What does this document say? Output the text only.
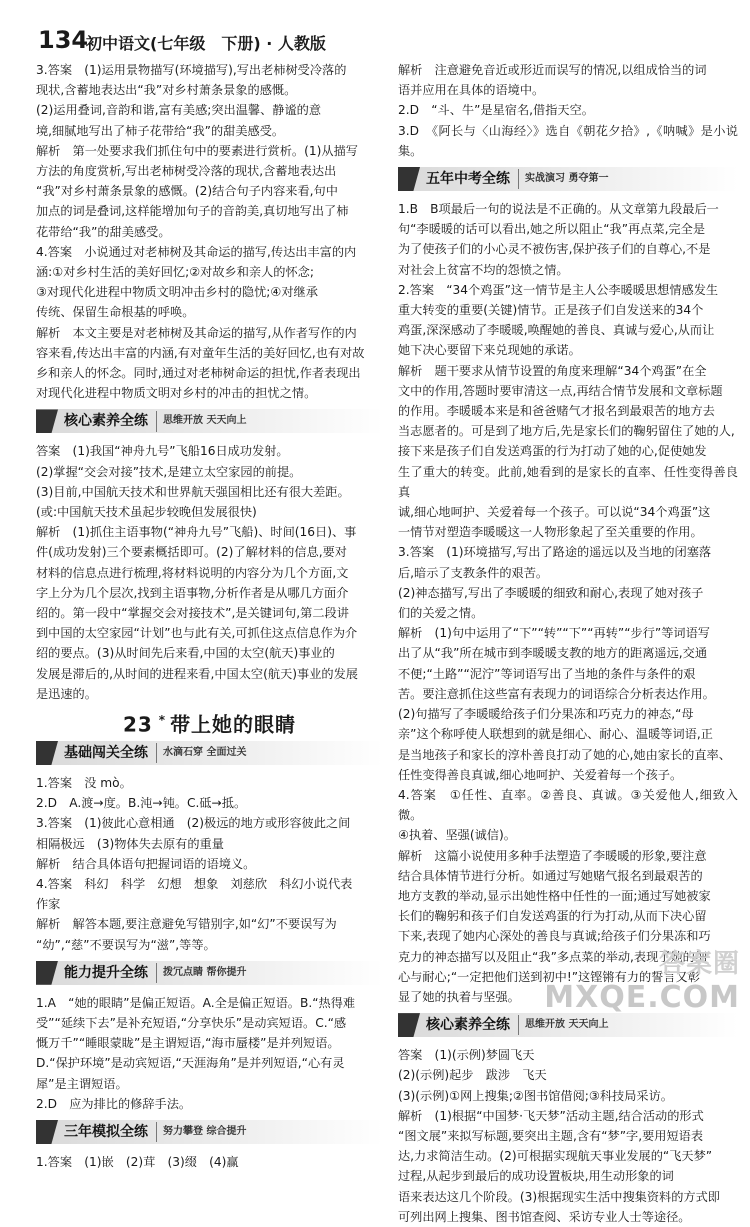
134
初中语文(七年级　下册) · 人教版

3.答案　(1)运用景物描写(环境描写),写出老柿树受冷落的

现状,含蓄地表达出“我”对乡村萧条景象的感慨。

(2)运用叠词,音韵和谐,富有美感;突出温馨、静谧的意

境,细腻地写出了柿子花带给“我”的甜美感受。

解析　第一处要求我们抓住句中的要素进行赏析。(1)从描写

方法的角度赏析,写出老柿树受冷落的现状,含蓄地表达出

“我”对乡村萧条景象的感慨。(2)结合句子内容来看,句中

加点的词是叠词,这样能增加句子的音韵美,真切地写出了柿

花带给“我”的甜美感受。

4.答案　小说通过对老柿树及其命运的描写,传达出丰富的内

涵:①对乡村生活的美好回忆;②对故乡和亲人的怀念;

③对现代化进程中物质文明冲击乡村的隐忧;④对继承

传统、保留生命根基的呼唤。

解析　本文主要是对老柿树及其命运的描写,从作者写作的内

容来看,传达出丰富的内涵,有对童年生活的美好回忆,也有对故

乡和亲人的怀念。同时,通过对老柿树命运的担忧,作者表现出

对现代化进程中物质文明对乡村的冲击的担忧之情。

核心素养全练	思维开放 天天向上

答案　(1)我国“神舟九号”飞船16日成功发射。

(2)掌握“交会对接”技术,是建立太空家园的前提。

(3)目前,中国航天技术和世界航天强国相比还有很大差距。

(或:中国航天技术虽起步较晚但发展很快)

解析　(1)抓住主语事物(“神舟九号”飞船)、时间(16日)、事

件(成功发射)三个要素概括即可。(2)了解材料的信息,要对

材料的信息点进行梳理,将材料说明的内容分为几个方面,文

字上分为几个层次,找到主语事物,分析作者是从哪几方面介

绍的。第一段中“掌握交会对接技术”,是关键词句,第二段讲

到中国的太空家园“计划”也与此有关,可抓住这点信息作为介

绍的要点。(3)从时间先后来看,中国的太空(航天)事业的

发展是滞后的,从时间的进程来看,中国太空(航天)事业的发展

是迅速的。

23 * 带上她的眼睛
基础闯关全练	水滴石穿 全面过关

1.答案　没 mò。

2.D　A.渡→度。B.沌→钝。C.砥→抵。

3.答案　(1)彼此心意相通　(2)极远的地方或形容彼此之间

相隔极远　(3)物体失去原有的重量

解析　结合具体语句把握词语的语境义。

4.答案　科幻　科学　幻想　想象　刘慈欣　科幻小说代表

作家

解析　解答本题,要注意避免写错别字,如“幻”不要误写为

“幼”,“慈”不要误写为“滋”,等等。

能力提升全练	拨冗点睛 帮你提升

1.A　“她的眼睛”是偏正短语。A.全是偏正短语。B.“热得难

受”“延续下去”是补充短语,“分享快乐”是动宾短语。C.“感

慨万千”“睡眼蒙眬”是主谓短语,“海市蜃楼”是并列短语。

D.“保护环境”是动宾短语,“天涯海角”是并列短语,“心有灵

犀”是主谓短语。

2.D　应为排比的修辞手法。

三年模拟全练	努力攀登 综合提升

1.答案　(1)嵌　(2)茸　(3)缀　(4)赢

解析　注意避免音近或形近而误写的情况,以组成恰当的词

语并应用在具体的语境中。

2.D　“斗、牛”是星宿名,借指天空。

3.D　《阿长与〈山海经〉》选自《朝花夕拾》,《呐喊》是小说集。

五年中考全练	实战演习 勇夺第一

1.B　B项最后一句的说法是不正确的。从文章第九段最后一

句“李暖暖的话可以看出,她之所以阻止“我”再点菜,完全是

为了使孩子们的小心灵不被伤害,保护孩子们的自尊心,不是

对社会上贫富不均的怨愤之情。

2.答案　“34个鸡蛋”这一情节是主人公李暖暖思想情感发生

重大转变的重要(关键)情节。正是孩子们自发送来的34个

鸡蛋,深深感动了李暖暖,唤醒她的善良、真诚与爱心,从而让

她下决心要留下来兑现她的承诺。

解析　题干要求从情节设置的角度来理解“34个鸡蛋”在全

文中的作用,答题时要审清这一点,再结合情节发展和文章标题

的作用。李暖暖本来是和爸爸赌气才报名到最艰苦的地方去

当志愿者的。可是到了地方后,先是家长们的鞠躬留住了她的人,

接下来是孩子们自发送鸡蛋的行为打动了她的心,促使她发

生了重大的转变。此前,她看到的是家长的直率、任性变得善良真

诚,细心地呵护、关爱着每一个孩子。可以说“34个鸡蛋”这

一情节对塑造李暖暖这一人物形象起了至关重要的作用。

3.答案　(1)环境描写,写出了路途的遥远以及当地的闭塞落

后,暗示了支教条件的艰苦。

(2)神态描写,写出了李暖暖的细致和耐心,表现了她对孩子

们的关爱之情。

解析　(1)句中运用了“下”“转”“下”“再转”“步行”等词语写

出了从“我”所在城市到李暖暖支教的地方的距离遥远,交通

不便;“土路”“泥泞”等词语写出了当地的条件与条件的艰

苦。要注意抓住这些富有表现力的词语综合分析表达作用。

(2)句描写了李暖暖给孩子们分果冻和巧克力的神态,“母

亲”这个称呼使人联想到的就是细心、耐心、温暖等词语,正

是当地孩子和家长的淳朴善良打动了她的心,她由家长的直率、

任性变得善良真诚,细心地呵护、关爱着每一个孩子。

4.答案　①任性、直率。②善良、真诚。③关爱他人,细致入微。

④执着、坚强(诚信)。

解析　这篇小说使用多种手法塑造了李暖暖的形象,要注意

结合具体情节进行分析。如通过写她赌气报名到最艰苦的

地方支教的举动,显示出她性格中任性的一面;通过写她被家

长们的鞠躬和孩子们自发送鸡蛋的行为打动,从而下决心留

下来,表现了她内心深处的善良与真诚;给孩子们分果冻和巧

克力的神态描写以及阻止“我”多点菜的举动,表现了她的细

心与耐心;“一定把他们送到初中!”这铿锵有力的誓言又彰

显了她的执着与坚强。

核心素养全练	思维开放 天天向上

答案　(1)(示例)梦圆飞天

(2)(示例)起步　跋涉　飞天

(3)(示例)①网上搜集;②图书馆借阅;③科技局采访。

解析　(1)根据“中国梦·飞天梦”活动主题,结合活动的形式

“图文展”来拟写标题,要突出主题,含有“梦”字,要用短语表

达,力求简洁生动。(2)可根据实现航天事业发展的“飞天梦”

过程,从起步到最后的成功设置板块,用生动形象的词

语来表达这几个阶段。(3)根据现实生活中搜集资料的方式即

可列出网上搜集、图书馆查阅、采访专业人士等途径。

答案圈
MXQE.COM
